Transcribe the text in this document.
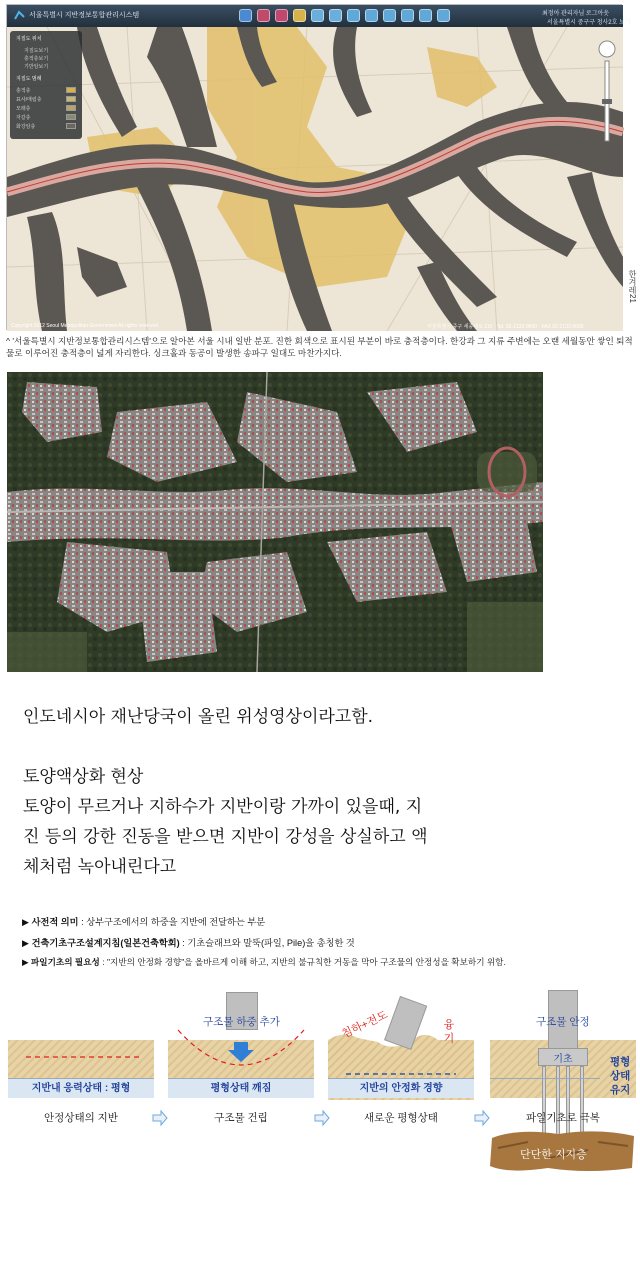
서울특별시 지반정보통합관리시스템	최정아 관리자님 로그아웃
서울특별시 중구구 청사2호 보기
지질도 위치
지질도보기
충적층보기
기반암보기
지질도 범례
충적층
표사/매립층
모래층
자갈층
화강암층
Copyright 2012 Seoul Metropolitan Government All rights reserved	서울특별시 중구 세종대로 110 · Tel. 02-2133-0000 · FAX 02-2133-0000
한겨레21
^ '서울특별시 지반정보통합관리시스템'으로 알아본 서울 시내 일반 분포. 진한 회색으로 표시된 부분이 바로 충적층이다. 한강과 그 지류 주변에는 오랜 세월동안 쌓인 퇴적물로 이루어진 충적층이 넓게 자리한다. 싱크홀과 동공이 발생한 송파구 일대도 마찬가지다.
인도네시아 재난당국이 올린 위성영상이라고함.
토양액상화 현상
토양이 무르거나 지하수가 지반이랑 가까이 있을때, 지
진 등의 강한 진동을 받으면 지반이 강성을 상실하고 액
체처럼 녹아내린다고
▶ 사전적 의미 : 상부구조에서의 하중을 지반에 전달하는 부분
▶ 건축기초구조설계지침(일본건축학회) : 기초슬래브와 말뚝(파일, Pile)을 총칭한 것
▶ 파일기초의 필요성 : "지반의 안정화 경향"을 올바르게 이해 하고, 지반의 불규칙한 거동을 막아 구조물의 안정성을 확보하기 위함.
지반내 응력상태 : 평형
안정상태의 지반
구조물 하중 추가
평형상태 깨짐
구조물 건립
침하+전도	융기
지반의 안정화 경향
새로운 평형상태
기초
구조물 안정
평형
상태
유지
파일기초로 극복
단단한 지지층
